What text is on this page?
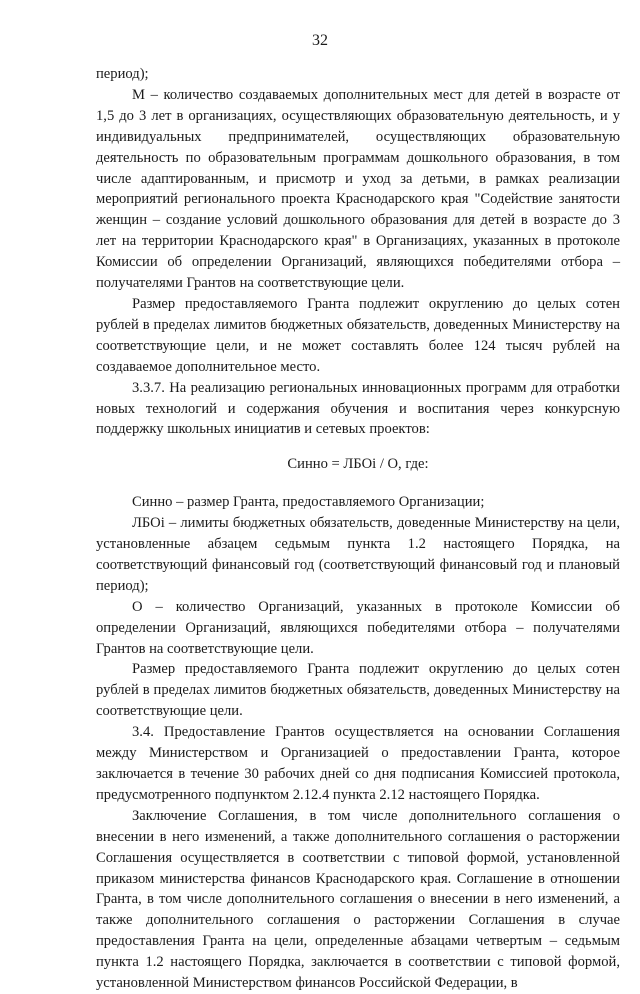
32

период);

М – количество создаваемых дополнительных мест для детей в возрасте от 1,5 до 3 лет в организациях, осуществляющих образовательную деятельность, и у индивидуальных предпринимателей, осуществляющих образовательную деятельность по образовательным программам дошкольного образования, в том числе адаптированным, и присмотр и уход за детьми, в рамках реализации мероприятий регионального проекта Краснодарского края "Содействие занятости женщин – создание условий дошкольного образования для детей в возрасте до 3 лет на территории Краснодарского края" в Организациях, указанных в протоколе Комиссии об определении Организаций, являющихся победителями отбора – получателями Грантов на соответствующие цели.

Размер предоставляемого Гранта подлежит округлению до целых сотен рублей в пределах лимитов бюджетных обязательств, доведенных Министерству на соответствующие цели, и не может составлять более 124 тысяч рублей на создаваемое дополнительное место.

3.3.7. На реализацию региональных инновационных программ для отработки новых технологий и содержания обучения и воспитания через конкурсную поддержку школьных инициатив и сетевых проектов:

Синно = ЛБОi / О, где:

Синно – размер Гранта, предоставляемого Организации;

ЛБОi – лимиты бюджетных обязательств, доведенные Министерству на цели, установленные абзацем седьмым пункта 1.2 настоящего Порядка, на соответствующий финансовый год (соответствующий финансовый год и плановый период);

О – количество Организаций, указанных в протоколе Комиссии об определении Организаций, являющихся победителями отбора – получателями Грантов на соответствующие цели.

Размер предоставляемого Гранта подлежит округлению до целых сотен рублей в пределах лимитов бюджетных обязательств, доведенных Министерству на соответствующие цели.

3.4. Предоставление Грантов осуществляется на основании Соглашения между Министерством и Организацией о предоставлении Гранта, которое заключается в течение 30 рабочих дней со дня подписания Комиссией протокола, предусмотренного подпунктом 2.12.4 пункта 2.12 настоящего Порядка.

Заключение Соглашения, в том числе дополнительного соглашения о внесении в него изменений, а также дополнительного соглашения о расторжении Соглашения осуществляется в соответствии с типовой формой, установленной приказом министерства финансов Краснодарского края. Соглашение в отношении Гранта, в том числе дополнительного соглашения о внесении в него изменений, а также дополнительного соглашения о расторжении Соглашения в случае предоставления Гранта на цели, определенные абзацами четвертым – седьмым пункта 1.2 настоящего Порядка, заключается в соответствии с типовой формой, установленной Министерством финансов Российской Федерации, в
